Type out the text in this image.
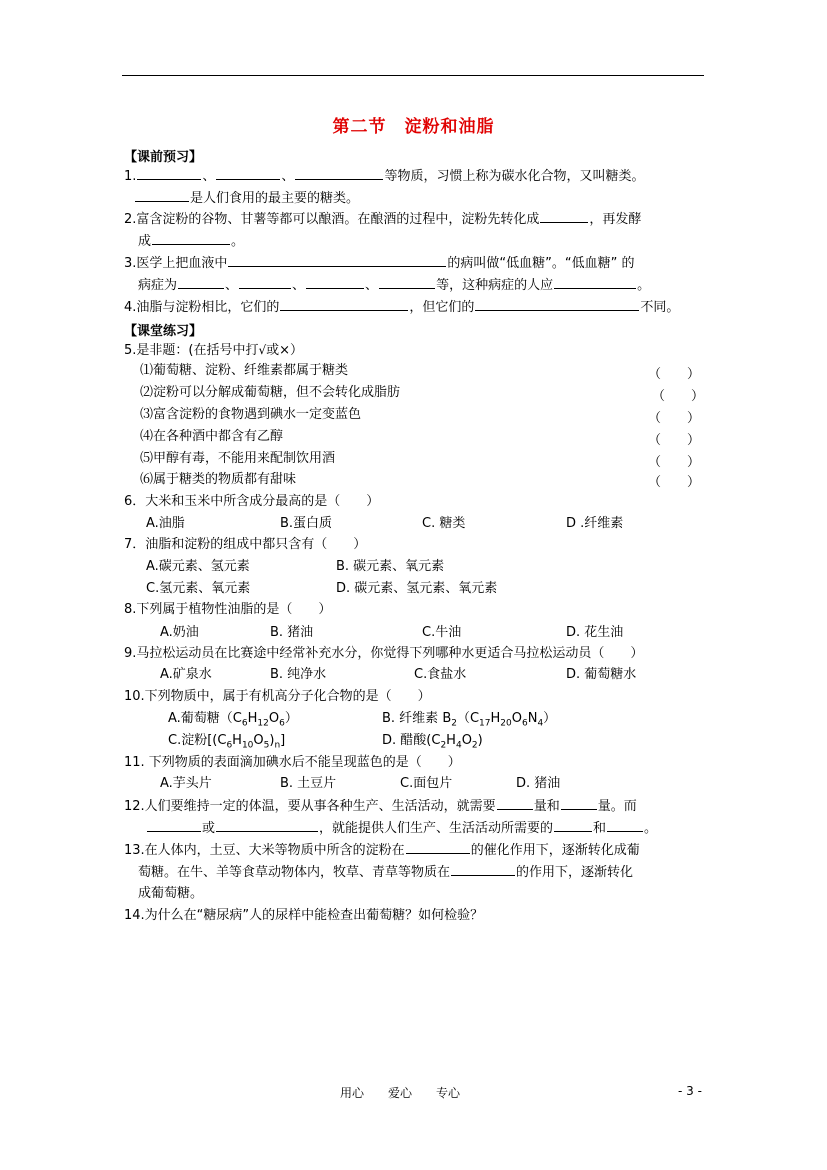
第二节　淀粉和油脂
【课前预习】
1.	、	、	等物质，习惯上称为碳水化合物，又叫糖类。
是人们食用的最主要的糖类。
2.富含淀粉的谷物、甘薯等都可以酿酒。在酿酒的过程中，淀粉先转化成	，再发酵
成	。
3.医学上把血液中	的病叫做“低血糖”。“低血糖” 的
病症为	、	、	、	等，这种病症的人应	。
4.油脂与淀粉相比，它们的	，但它们的	不同。
【课堂练习】
5.是非题：(在括号中打√或×）
⑴葡萄糖、淀粉、纤维素都属于糖类	（　　）
⑵淀粉可以分解成葡萄糖，但不会转化成脂肪	（　　）
⑶富含淀粉的食物遇到碘水一定变蓝色	（　　）
⑷在各种酒中都含有乙醇	（　　）
⑸甲醇有毒，不能用来配制饮用酒	（　　）
⑹属于糖类的物质都有甜味	（　　）
6．大米和玉米中所含成分最高的是（　　）
A.油脂	B.蛋白质	C. 糖类	D .纤维素
7．油脂和淀粉的组成中都只含有（　　）
A.碳元素、氢元素	B. 碳元素、氧元素
C.氢元素、氧元素	D. 碳元素、氢元素、氧元素
8.下列属于植物性油脂的是（　　）
A.奶油	B. 猪油	C.牛油	D. 花生油
9.马拉松运动员在比赛途中经常补充水分，你觉得下列哪种水更适合马拉松运动员（　　）
A.矿泉水	B. 纯净水	C.食盐水	D. 葡萄糖水
10.下列物质中，属于有机高分子化合物的是（　　）
A.葡萄糖$(C_6H_{12}O_6)$	B. 纤维素 $B_2(C_{17}H_{20}O_6N_4)$
C.淀粉$[(C_6H_{10}O_5)_n]$	D. 醋酸$(C_2H_4O_2)$
11. 下列物质的表面滴加碘水后不能呈现蓝色的是（　　）
A.芋头片	B. 土豆片	C.面包片	D. 猪油
12.人们要维持一定的体温，要从事各种生产、生活活动，就需要	量和	量。而
或	，就能提供人们生产、生活活动所需要的	和	。
13.在人体内，土豆、大米等物质中所含的淀粉在	的催化作用下，逐渐转化成葡
萄糖。在牛、羊等食草动物体内，牧草、青草等物质在	的作用下，逐渐转化
成葡萄糖。
14.为什么在“糖尿病”人的尿样中能检查出葡萄糖？如何检验？
用心　　爱心　　专心	- 3 -
